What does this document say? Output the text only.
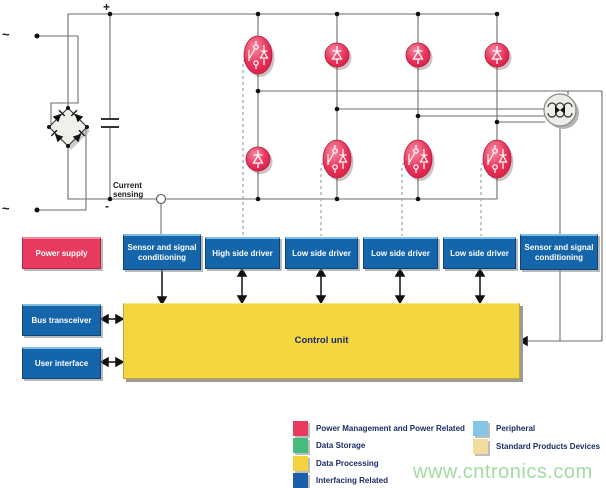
+
-
~
~
Current sensing
Power supply
Sensor and signal conditioning	High side driver	Low side driver	Low side driver	Low side driver
Sensor and signal conditioning
Bus transceiver
User interface
Control unit
Power Management and Power Related
Data Storage
Data Processing
Interfacing Related
Peripheral
Standard Products Devices
www.cntronics.com
